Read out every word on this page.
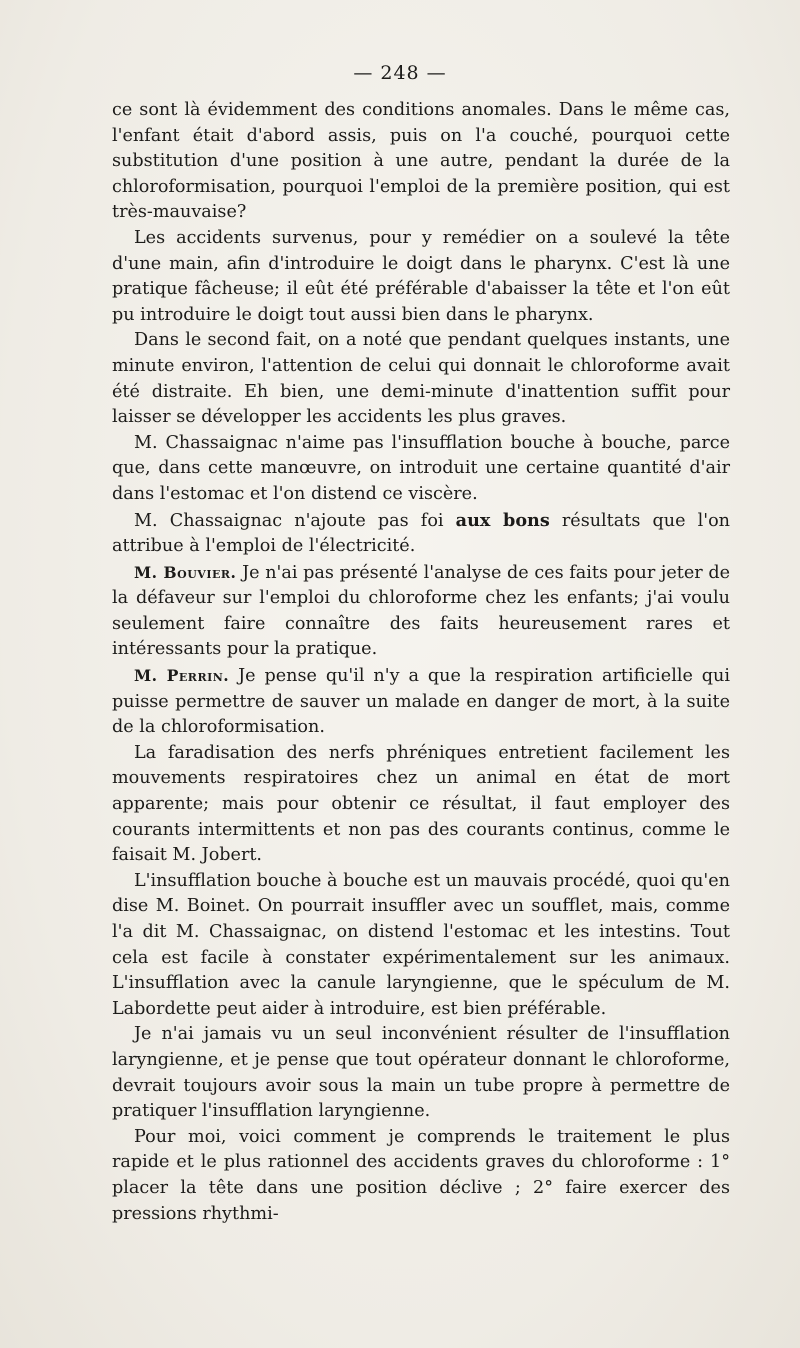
— 248 —

ce sont là évidemment des conditions anomales. Dans le même cas, l'enfant était d'abord assis, puis on l'a couché, pourquoi cette substitution d'une position à une autre, pendant la durée de la chloroformisation, pourquoi l'emploi de la première position, qui est très-mauvaise?

Les accidents survenus, pour y remédier on a soulevé la tête d'une main, afin d'introduire le doigt dans le pharynx. C'est là une pratique fâcheuse; il eût été préférable d'abaisser la tête et l'on eût pu introduire le doigt tout aussi bien dans le pharynx.

Dans le second fait, on a noté que pendant quelques instants, une minute environ, l'attention de celui qui donnait le chloroforme avait été distraite. Eh bien, une demi-minute d'inattention suffit pour laisser se développer les accidents les plus graves.

M. Chassaignac n'aime pas l'insufflation bouche à bouche, parce que, dans cette manœuvre, on introduit une certaine quantité d'air dans l'estomac et l'on distend ce viscère.

M. Chassaignac n'ajoute pas foi aux bons résultats que l'on attribue à l'emploi de l'électricité.

M. Bouvier. Je n'ai pas présenté l'analyse de ces faits pour jeter de la défaveur sur l'emploi du chloroforme chez les enfants; j'ai voulu seulement faire connaître des faits heureusement rares et intéressants pour la pratique.

M. Perrin. Je pense qu'il n'y a que la respiration artificielle qui puisse permettre de sauver un malade en danger de mort, à la suite de la chloroformisation.

La faradisation des nerfs phréniques entretient facilement les mouvements respiratoires chez un animal en état de mort apparente; mais pour obtenir ce résultat, il faut employer des courants intermittents et non pas des courants continus, comme le faisait M. Jobert.

L'insufflation bouche à bouche est un mauvais procédé, quoi qu'en dise M. Boinet. On pourrait insuffler avec un soufflet, mais, comme l'a dit M. Chassaignac, on distend l'estomac et les intestins. Tout cela est facile à constater expérimentalement sur les animaux. L'insufflation avec la canule laryngienne, que le spéculum de M. Labordette peut aider à introduire, est bien préférable.

Je n'ai jamais vu un seul inconvénient résulter de l'insufflation laryngienne, et je pense que tout opérateur donnant le chloroforme, devrait toujours avoir sous la main un tube propre à permettre de pratiquer l'insufflation laryngienne.

Pour moi, voici comment je comprends le traitement le plus rapide et le plus rationnel des accidents graves du chloroforme : 1° placer la tête dans une position déclive ; 2° faire exercer des pressions rhythmi-
